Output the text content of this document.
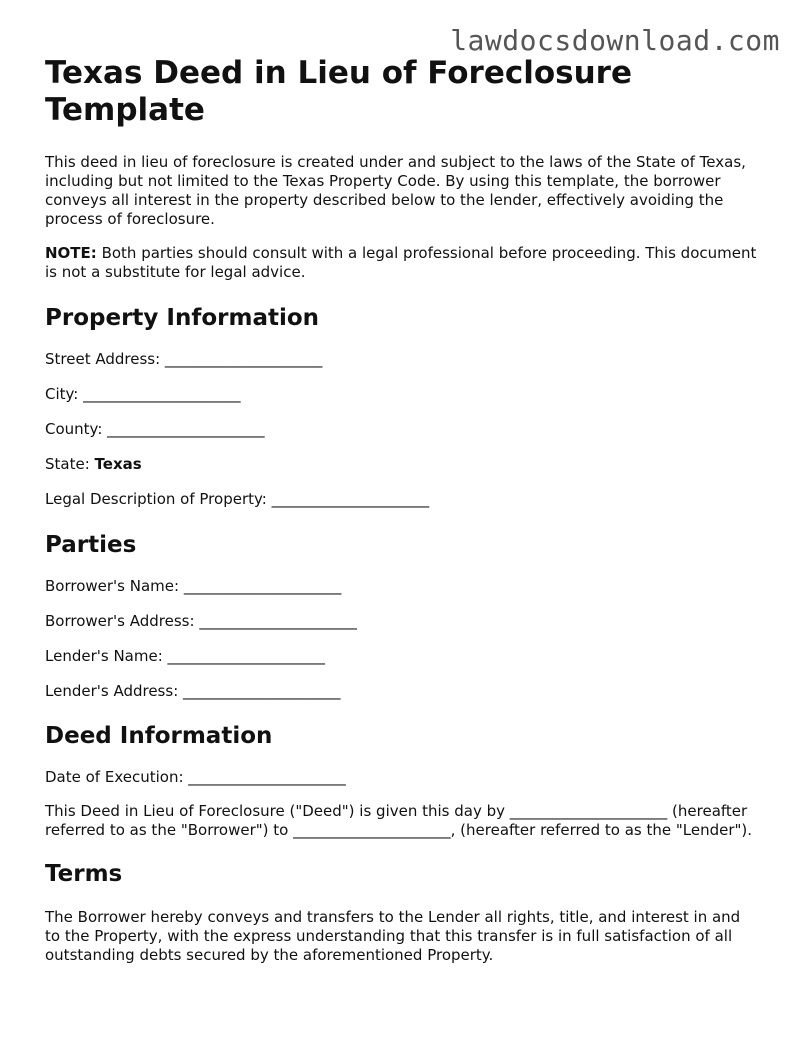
lawdocsdownload.com
Texas Deed in Lieu of Foreclosure Template

This deed in lieu of foreclosure is created under and subject to the laws of the State of Texas, including but not limited to the Texas Property Code. By using this template, the borrower conveys all interest in the property described below to the lender, effectively avoiding the process of foreclosure.

NOTE: Both parties should consult with a legal professional before proceeding. This document is not a substitute for legal advice.

Property Information

Street Address: _____________________

City: _____________________

County: _____________________

State: Texas

Legal Description of Property: _____________________

Parties

Borrower's Name: _____________________

Borrower's Address: _____________________

Lender's Name: _____________________

Lender's Address: _____________________

Deed Information

Date of Execution: _____________________

This Deed in Lieu of Foreclosure ("Deed") is given this day by _____________________ (hereafter referred to as the "Borrower") to _____________________, (hereafter referred to as the "Lender").

Terms

The Borrower hereby conveys and transfers to the Lender all rights, title, and interest in and to the Property, with the express understanding that this transfer is in full satisfaction of all outstanding debts secured by the aforementioned Property.
